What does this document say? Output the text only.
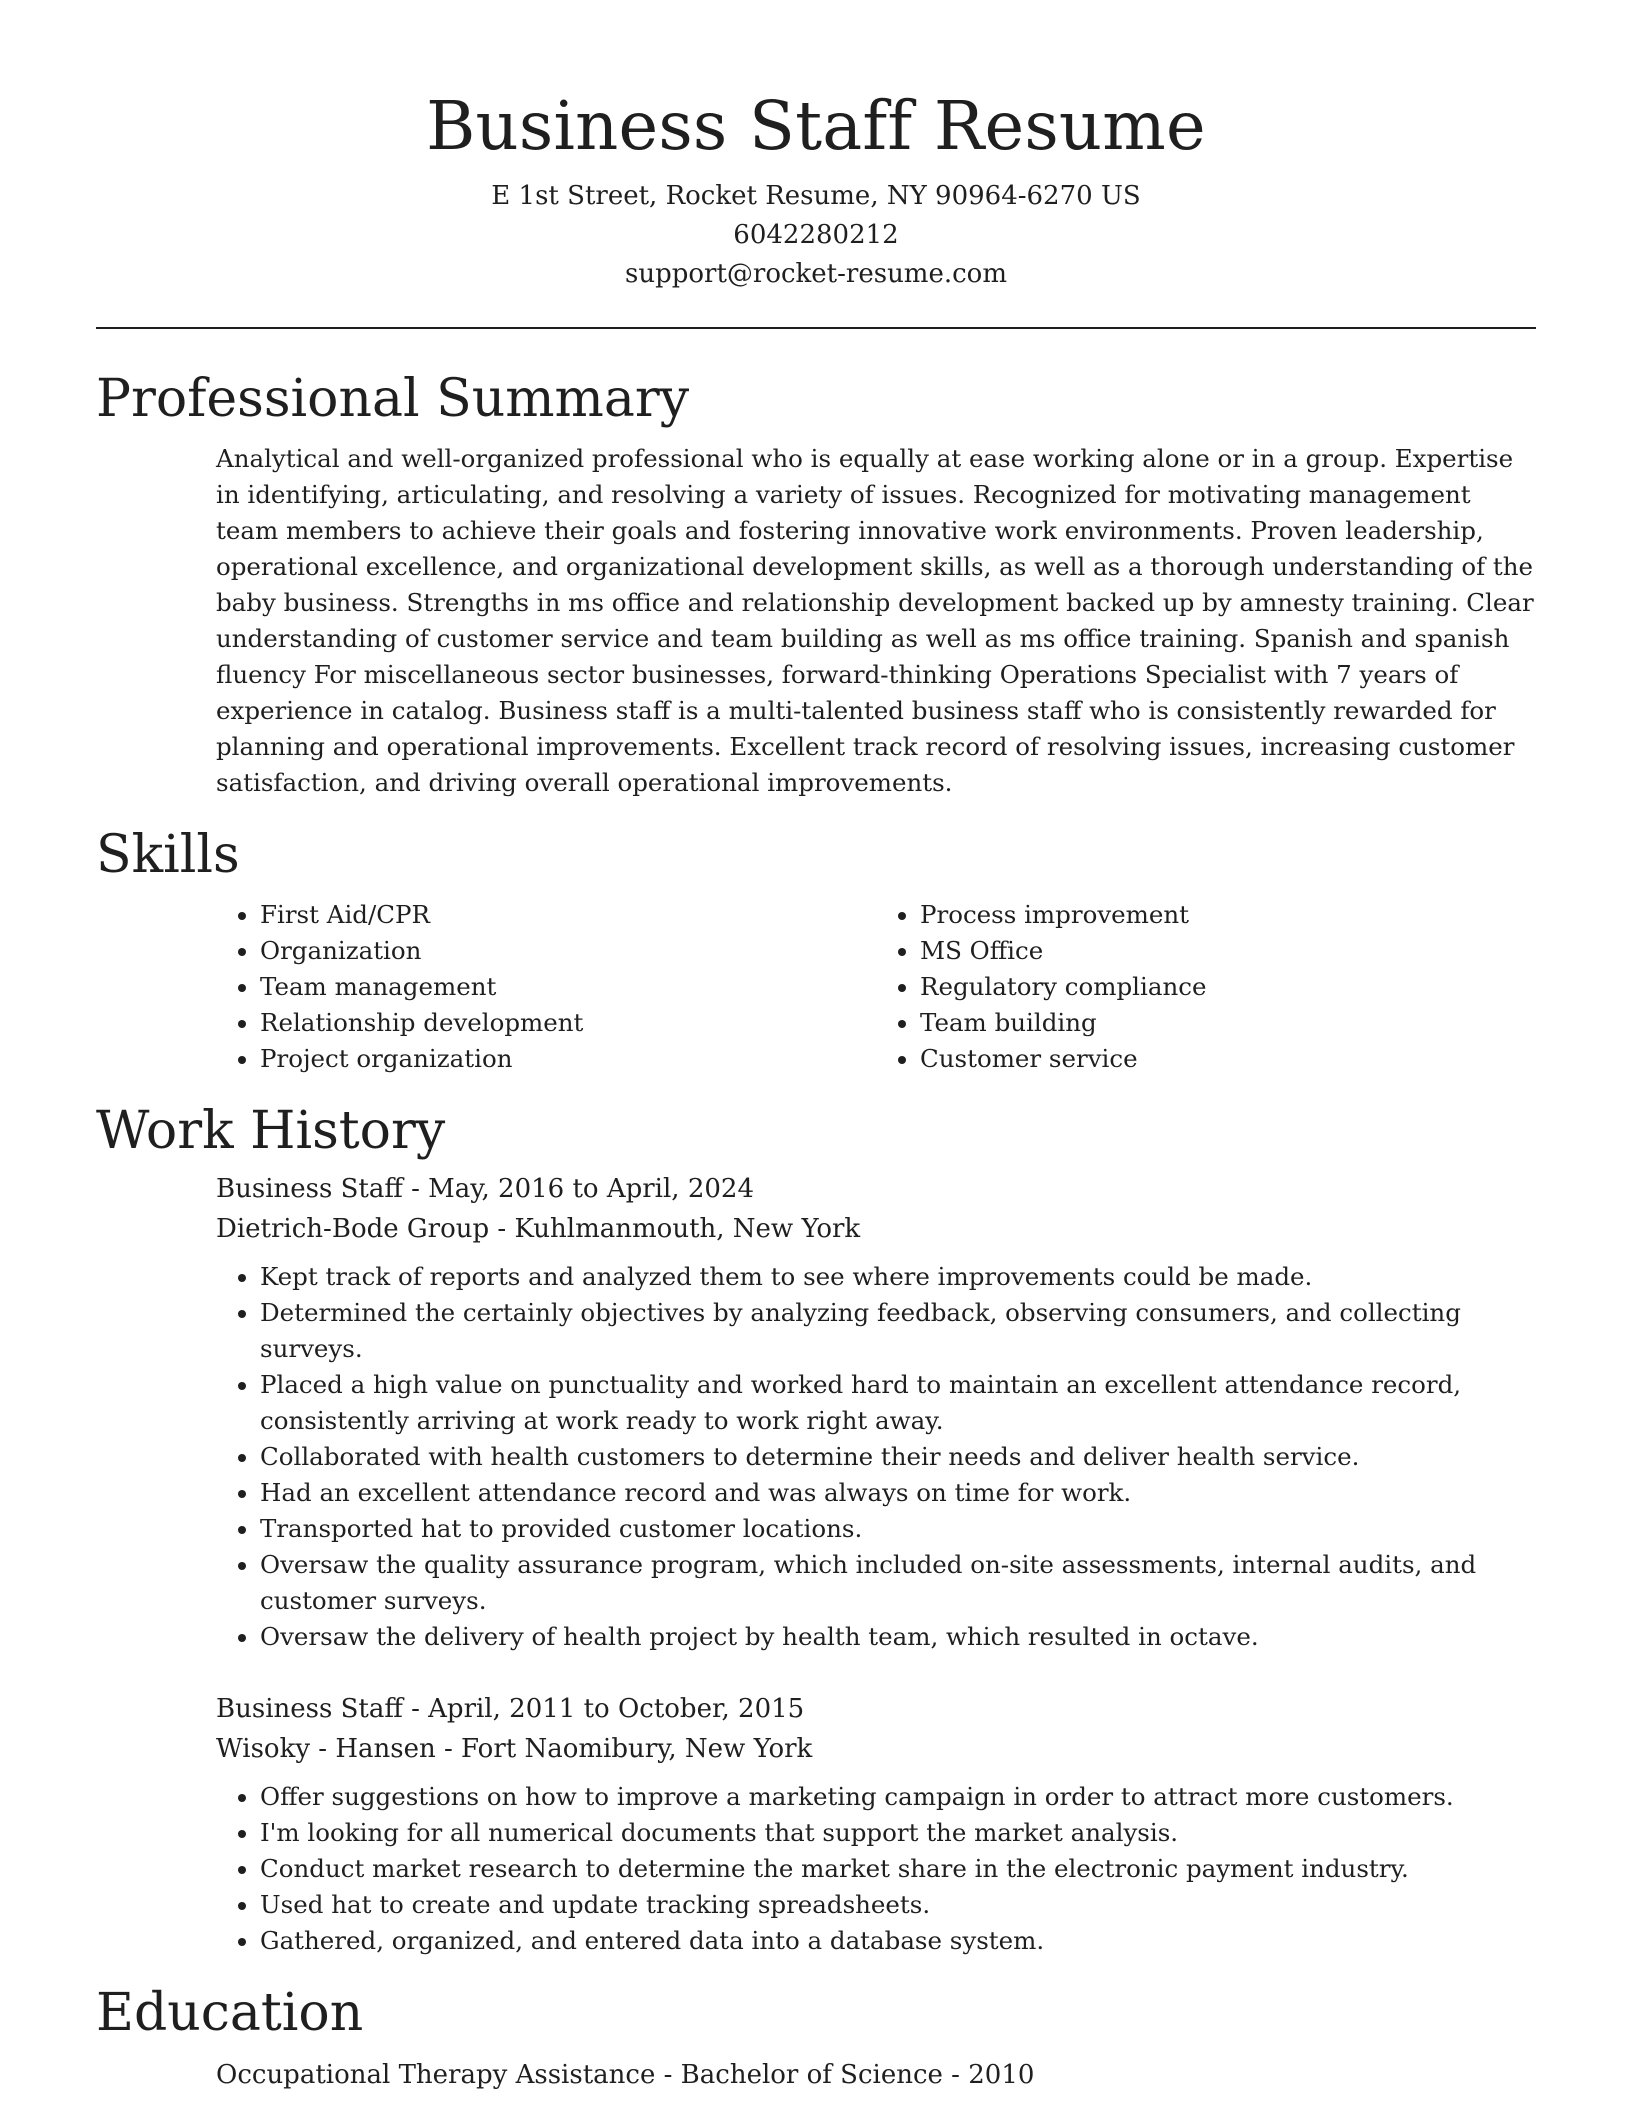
Business Staff Resume
E 1st Street, Rocket Resume, NY 90964-6270 US
6042280212
support@rocket-resume.com
Professional Summary

Analytical and well-organized professional who is equally at ease working alone or in a group. Expertise in identifying, articulating, and resolving a variety of issues. Recognized for motivating management team members to achieve their goals and fostering innovative work environments. Proven leadership, operational excellence, and organizational development skills, as well as a thorough understanding of the baby business. Strengths in ms office and relationship development backed up by amnesty training. Clear understanding of customer service and team building as well as ms office training. Spanish and spanish fluency For miscellaneous sector businesses, forward-thinking Operations Specialist with 7 years of experience in catalog. Business staff is a multi-talented business staff who is consistently rewarded for planning and operational improvements. Excellent track record of resolving issues, increasing customer satisfaction, and driving overall operational improvements.

Skills
• First Aid/CPR
• Organization
• Team management
• Relationship development
• Project organization
• Process improvement
• MS Office
• Regulatory compliance
• Team building
• Customer service
Work History
Business Staff - May, 2016 to April, 2024
Dietrich-Bode Group - Kuhlmanmouth, New York
• Kept track of reports and analyzed them to see where improvements could be made.
• Determined the certainly objectives by analyzing feedback, observing consumers, and collecting surveys.
• Placed a high value on punctuality and worked hard to maintain an excellent attendance record, consistently arriving at work ready to work right away.
• Collaborated with health customers to determine their needs and deliver health service.
• Had an excellent attendance record and was always on time for work.
• Transported hat to provided customer locations.
• Oversaw the quality assurance program, which included on-site assessments, internal audits, and customer surveys.
• Oversaw the delivery of health project by health team, which resulted in octave.
Business Staff - April, 2011 to October, 2015
Wisoky - Hansen - Fort Naomibury, New York
• Offer suggestions on how to improve a marketing campaign in order to attract more customers.
• I'm looking for all numerical documents that support the market analysis.
• Conduct market research to determine the market share in the electronic payment industry.
• Used hat to create and update tracking spreadsheets.
• Gathered, organized, and entered data into a database system.
Education
Occupational Therapy Assistance - Bachelor of Science - 2010
